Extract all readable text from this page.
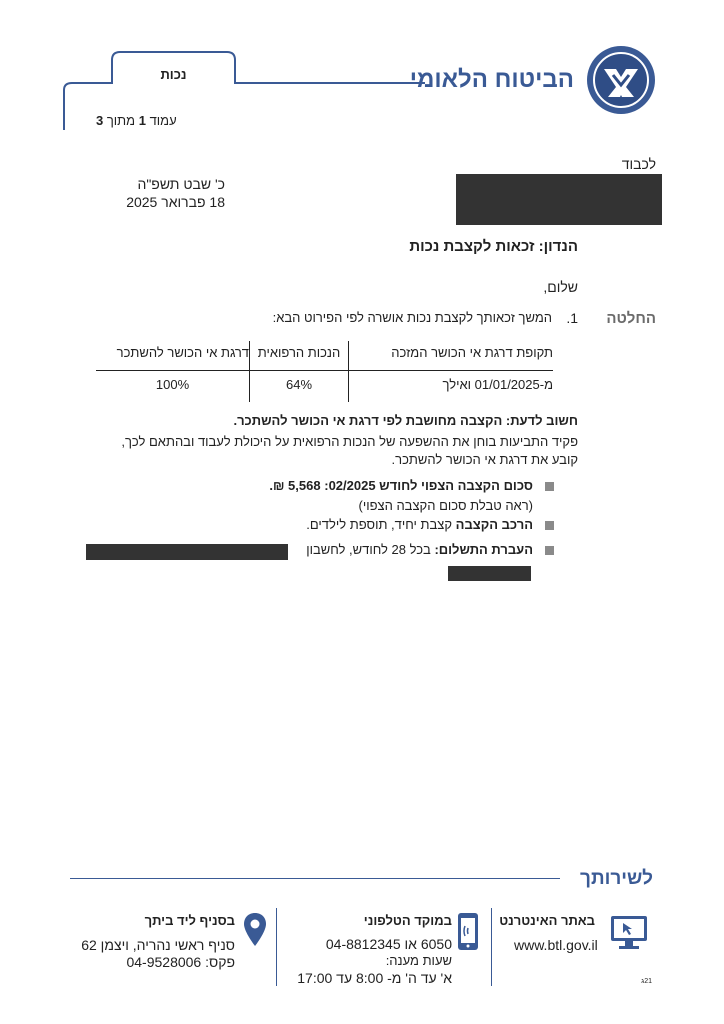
הביטוח הלאומי
נכות
עמוד 1 מתוך 3
לכבוד
כ' שבט תשפ"ה
18 פברואר 2025
הנדון: זכאות לקצבת נכות
שלום,
החלטה
1.
המשך זכאותך לקצבת נכות אושרה לפי הפירוט הבא:
תקופת דרגת אי הכושר המזכה	הנכות הרפואית	דרגת אי הכושר להשתכר
מ-01/01/2025 ואילך	64%	100%
חשוב לדעת: הקצבה מחושבת לפי דרגת אי הכושר להשתכר.
פקיד התביעות בוחן את ההשפעה של הנכות הרפואית על היכולת לעבוד ובהתאם לכך,
קובע את דרגת אי הכושר להשתכר.
סכום הקצבה הצפוי לחודש 02/2025: 5,568 ₪.
(ראה טבלת סכום הקצבה הצפוי)
הרכב הקצבה קצבת יחיד, תוספת לילדים.
העברת התשלום: בכל 28 לחודש, לחשבון
לשירותך
באתר האינטרנט
www.btl.gov.il
במוקד הטלפוני
6050 או 04-8812345
שעות מענה:
א' עד ה' מ- 8:00 עד 17:00
בסניף ליד ביתך
סניף ראשי נהריה, ויצמן 62
פקס: 04-9528006
21ג
